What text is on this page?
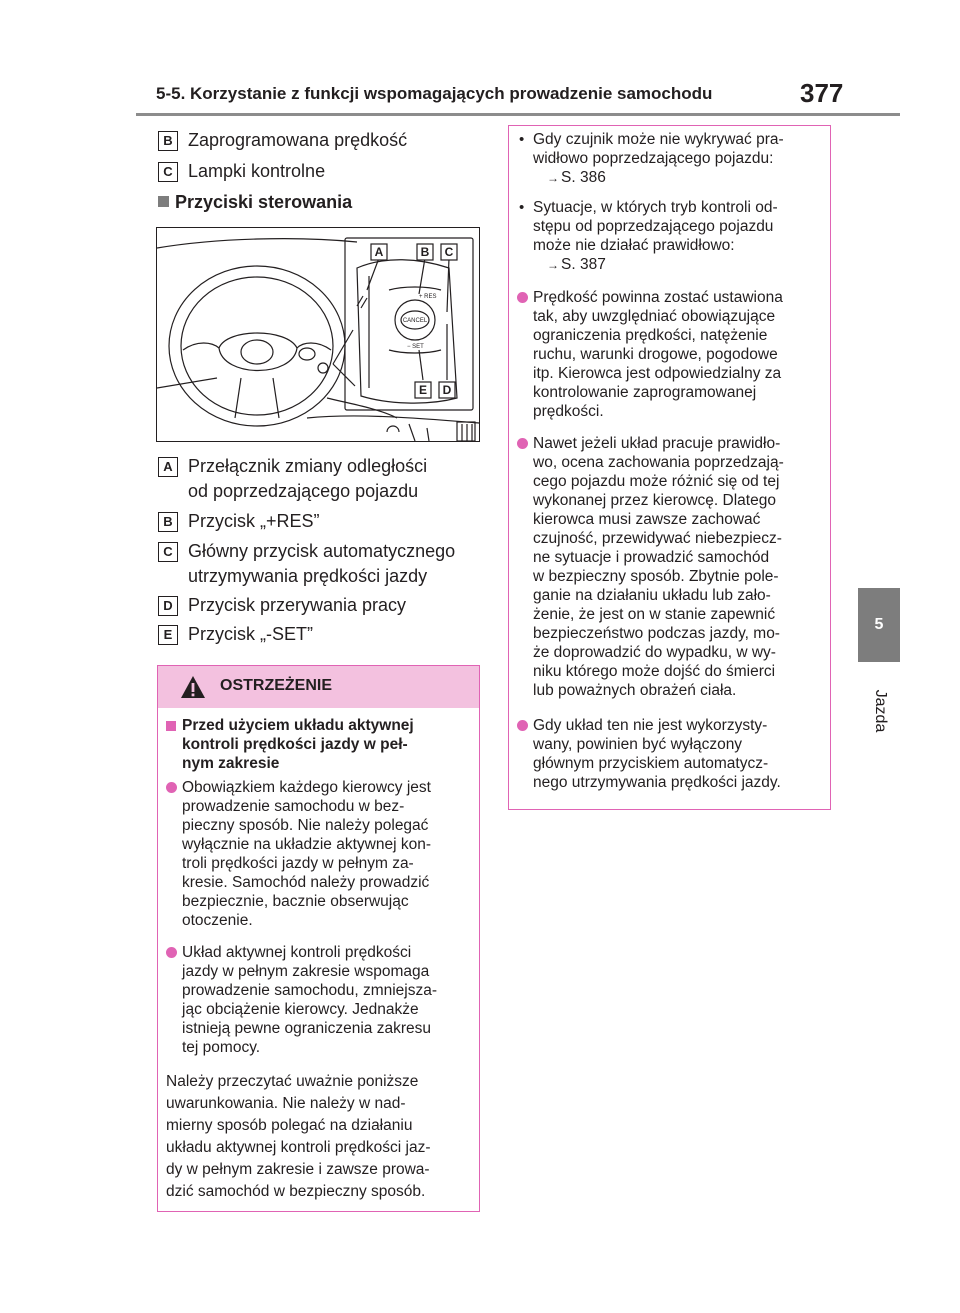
5-5. Korzystanie z funkcji wspomagających prowadzenie samochodu	377
5
Jazda
B Zaprogramowana prędkość
C Lampki kontrolne
Przyciski sterowania
A	B C
E D
+ RES
CANCEL
− SET
A Przełącznik zmiany odległości
od poprzedzającego pojazdu
B Przycisk „+RES”
C Główny przycisk automatycznego
utrzymywania prędkości jazdy
D Przycisk przerywania pracy
E Przycisk „-SET”
OSTRZEŻENIE
Przed użyciem układu aktywnej
kontroli prędkości jazdy w peł-
nym zakresie
Obowiązkiem każdego kierowcy jest
prowadzenie samochodu w bez-
pieczny sposób. Nie należy polegać
wyłącznie na układzie aktywnej kon-
troli prędkości jazdy w pełnym za-
kresie. Samochód należy prowadzić
bezpiecznie, bacznie obserwując
otoczenie.
Układ aktywnej kontroli prędkości
jazdy w pełnym zakresie wspomaga
prowadzenie samochodu, zmniejsza-
jąc obciążenie kierowcy. Jednakże
istnieją pewne ograniczenia zakresu
tej pomocy.
Należy przeczytać uważnie poniższe
uwarunkowania. Nie należy w nad-
mierny sposób polegać na działaniu
układu aktywnej kontroli prędkości jaz-
dy w pełnym zakresie i zawsze prowa-
dzić samochód w bezpieczny sposób.
• Gdy czujnik może nie wykrywać pra-
widłowo poprzedzającego pojazdu:
→ S. 386
• Sytuacje, w których tryb kontroli od-
stępu od poprzedzającego pojazdu
może nie działać prawidłowo:
→ S. 387
Prędkość powinna zostać ustawiona
tak, aby uwzględniać obowiązujące
ograniczenia prędkości, natężenie
ruchu, warunki drogowe, pogodowe
itp. Kierowca jest odpowiedzialny za
kontrolowanie zaprogramowanej
prędkości.
Nawet jeżeli układ pracuje prawidło-
wo, ocena zachowania poprzedzają-
cego pojazdu może różnić się od tej
wykonanej przez kierowcę. Dlatego
kierowca musi zawsze zachować
czujność, przewidywać niebezpiecz-
ne sytuacje i prowadzić samochód
w bezpieczny sposób. Zbytnie pole-
ganie na działaniu układu lub zało-
żenie, że jest on w stanie zapewnić
bezpieczeństwo podczas jazdy, mo-
że doprowadzić do wypadku, w wy-
niku którego może dojść do śmierci
lub poważnych obrażeń ciała.
Gdy układ ten nie jest wykorzysty-
wany, powinien być wyłączony
głównym przyciskiem automatycz-
nego utrzymywania prędkości jazdy.
